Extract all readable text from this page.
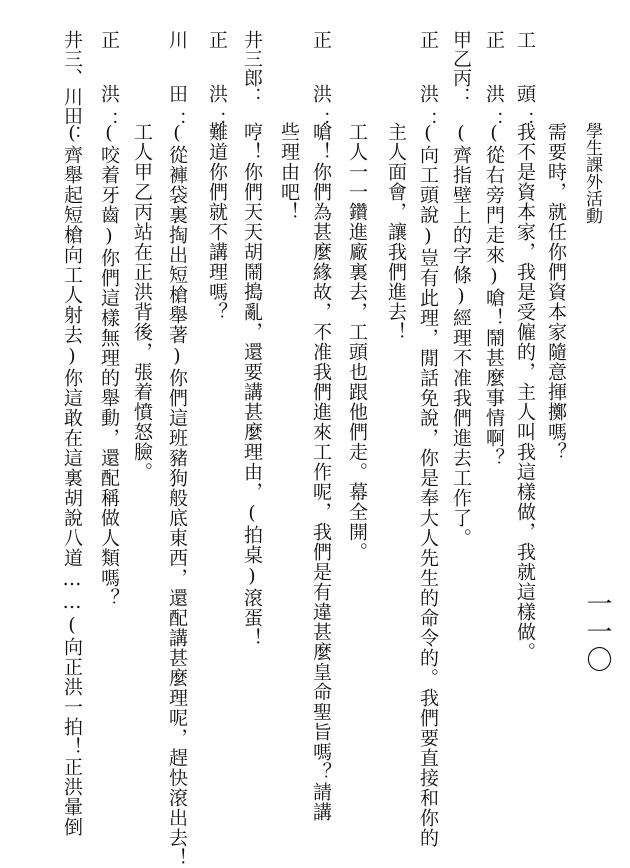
學生課外活動
一一〇
需要時，就任你們資本家隨意揮擲嗎？
工　頭：
我不是資本家，我是受僱的，主人叫我這樣做，我就這樣做。
正　洪：
(從右旁門走來)嗆！鬧甚麼事情啊？
甲乙丙：
(齊指壁上的字條)經理不准我們進去工作了。
正　洪：
(向工頭說)豈有此理，閒話免說，你是奉大人先生的命令的。我們要直接和你的
主人面會，讓我們進去！
工人一一鑽進廠裏去，工頭也跟他們走。幕全開。
正　洪：
嗆！你們為甚麼緣故，不准我們進來工作呢，我們是有違甚麼皇命聖旨嗎？請講
些理由吧！
井三郎：
哼！你們天天胡鬧搗亂，還要講甚麼理由，(拍桌)滾蛋！
正　洪：
難道你們就不講理嗎？
川　田：
(從褲袋裏掏出短槍舉著)你們這班豬狗般底東西，還配講甚麼理呢，趕快滾出去！
工人甲乙丙站在正洪背後，張着憤怒臉。
正　洪：
(咬着牙齒)你們這樣無理的舉動，還配稱做人類嗎？
井三、川田：
(齊舉起短槍向工人射去)你這敢在這裏胡說八道……(向正洪一拍！正洪暈倒
